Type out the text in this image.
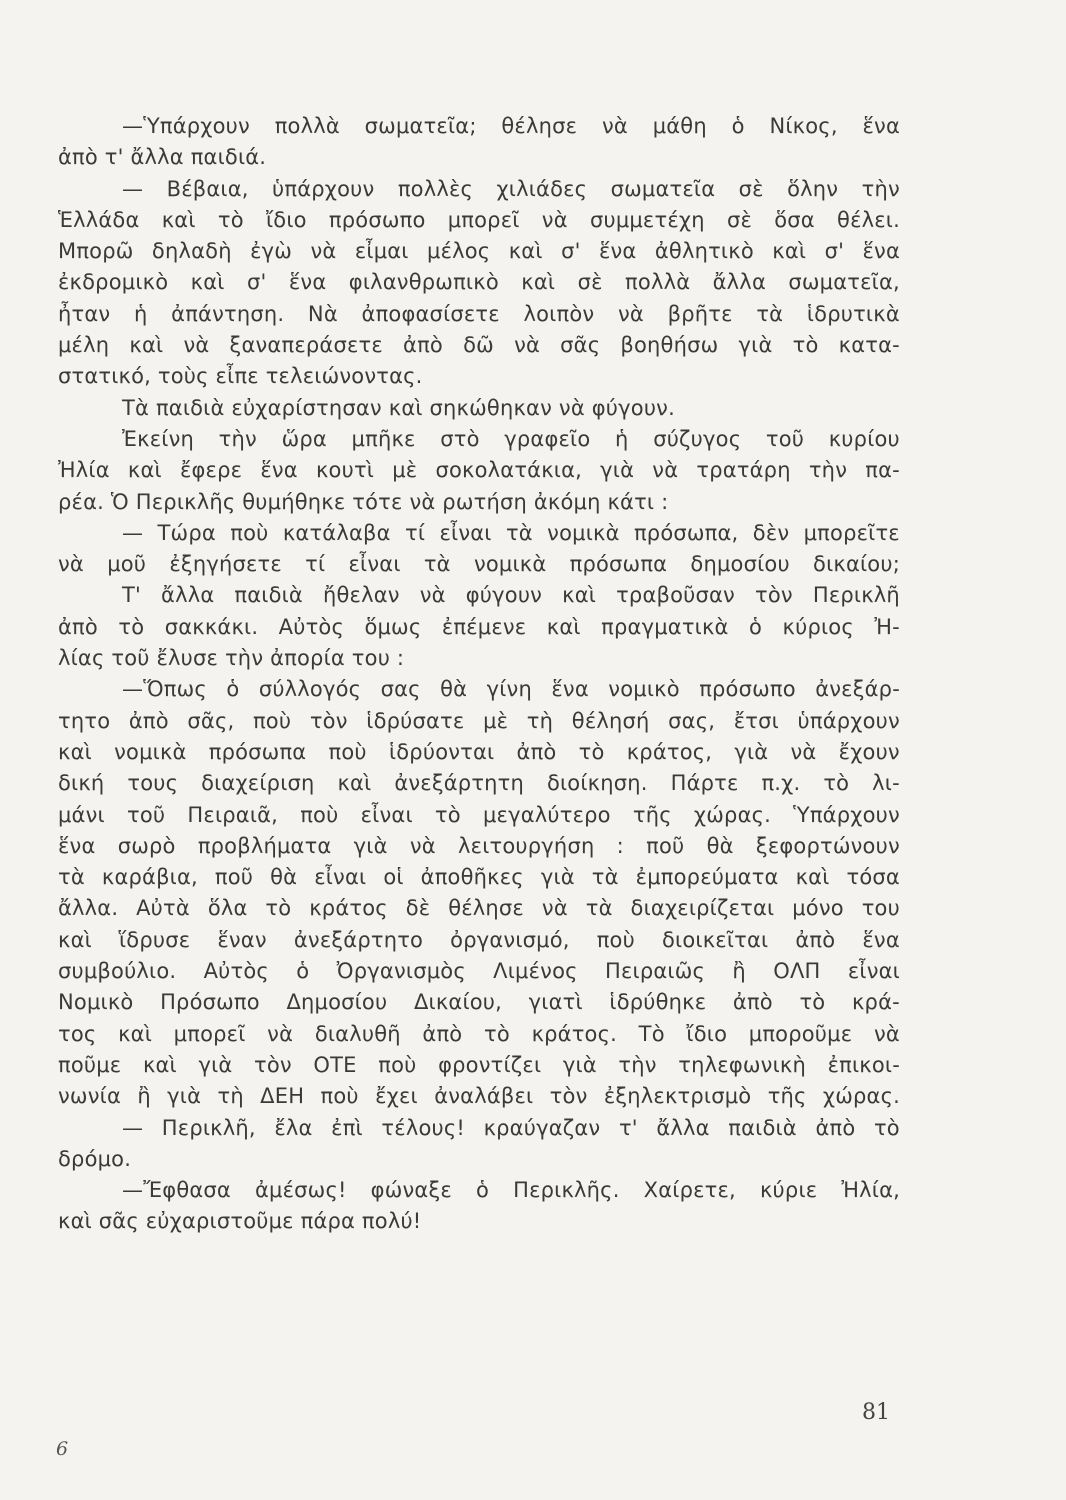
—Ὑπάρχουν πολλὰ σωματεῖα; θέλησε νὰ μάθη ὁ Νίκος, ἕνα
ἀπὸ τ' ἄλλα παιδιά.
— Βέβαια, ὑπάρχουν πολλὲς χιλιάδες σωματεῖα σὲ ὅλην τὴν
Ἑλλάδα καὶ τὸ ἴδιο πρόσωπο μπορεῖ νὰ συμμετέχη σὲ ὅσα θέλει.
Μπορῶ δηλαδὴ ἐγὼ νὰ εἶμαι μέλος καὶ σ' ἕνα ἀθλητικὸ καὶ σ' ἕνα
ἐκδρομικὸ καὶ σ' ἕνα φιλανθρωπικὸ καὶ σὲ πολλὰ ἄλλα σωματεῖα,
ἦταν ἡ ἀπάντηση. Νὰ ἀποφασίσετε λοιπὸν νὰ βρῆτε τὰ ἱδρυτικὰ
μέλη καὶ νὰ ξαναπεράσετε ἀπὸ δῶ νὰ σᾶς βοηθήσω γιὰ τὸ κατα-
στατικό, τοὺς εἶπε τελειώνοντας.
Τὰ παιδιὰ εὐχαρίστησαν καὶ σηκώθηκαν νὰ φύγουν.
Ἐκείνη τὴν ὥρα μπῆκε στὸ γραφεῖο ἡ σύζυγος τοῦ κυρίου
Ἠλία καὶ ἔφερε ἕνα κουτὶ μὲ σοκολατάκια, γιὰ νὰ τρατάρη τὴν πα-
ρέα. Ὁ Περικλῆς θυμήθηκε τότε νὰ ρωτήση ἀκόμη κάτι :
— Τώρα ποὺ κατάλαβα τί εἶναι τὰ νομικὰ πρόσωπα, δὲν μπορεῖτε
νὰ μοῦ ἐξηγήσετε τί εἶναι τὰ νομικὰ πρόσωπα δημοσίου δικαίου;
Τ' ἄλλα παιδιὰ ἤθελαν νὰ φύγουν καὶ τραβοῦσαν τὸν Περικλῆ
ἀπὸ τὸ σακκάκι. Αὐτὸς ὅμως ἐπέμενε καὶ πραγματικὰ ὁ κύριος Ἠ-
λίας τοῦ ἔλυσε τὴν ἀπορία του :
—Ὅπως ὁ σύλλογός σας θὰ γίνη ἕνα νομικὸ πρόσωπο ἀνεξάρ-
τητο ἀπὸ σᾶς, ποὺ τὸν ἱδρύσατε μὲ τὴ θέλησή σας, ἔτσι ὑπάρχουν
καὶ νομικὰ πρόσωπα ποὺ ἱδρύονται ἀπὸ τὸ κράτος, γιὰ νὰ ἔχουν
δική τους διαχείριση καὶ ἀνεξάρτητη διοίκηση. Πάρτε π.χ. τὸ λι-
μάνι τοῦ Πειραιᾶ, ποὺ εἶναι τὸ μεγαλύτερο τῆς χώρας. Ὑπάρχουν
ἕνα σωρὸ προβλήματα γιὰ νὰ λειτουργήση : ποῦ θὰ ξεφορτώνουν
τὰ καράβια, ποῦ θὰ εἶναι οἱ ἀποθῆκες γιὰ τὰ ἐμπορεύματα καὶ τόσα
ἄλλα. Αὐτὰ ὅλα τὸ κράτος δὲ θέλησε νὰ τὰ διαχειρίζεται μόνο του
καὶ ἵδρυσε ἕναν ἀνεξάρτητο ὀργανισμό, ποὺ διοικεῖται ἀπὸ ἕνα
συμβούλιο. Αὐτὸς ὁ Ὀργανισμὸς Λιμένος Πειραιῶς ἢ ΟΛΠ εἶναι
Νομικὸ Πρόσωπο Δημοσίου Δικαίου, γιατὶ ἱδρύθηκε ἀπὸ τὸ κρά-
τος καὶ μπορεῖ νὰ διαλυθῆ ἀπὸ τὸ κράτος. Τὸ ἴδιο μποροῦμε νὰ
ποῦμε καὶ γιὰ τὸν ΟΤΕ ποὺ φροντίζει γιὰ τὴν τηλεφωνικὴ ἐπικοι-
νωνία ἢ γιὰ τὴ ΔΕΗ ποὺ ἔχει ἀναλάβει τὸν ἐξηλεκτρισμὸ τῆς χώρας.
— Περικλῆ, ἔλα ἐπὶ τέλους! κραύγαζαν τ' ἄλλα παιδιὰ ἀπὸ τὸ
δρόμο.
—Ἔφθασα ἀμέσως! φώναξε ὁ Περικλῆς. Χαίρετε, κύριε Ἠλία,
καὶ σᾶς εὐχαριστοῦμε πάρα πολύ!
81
6
